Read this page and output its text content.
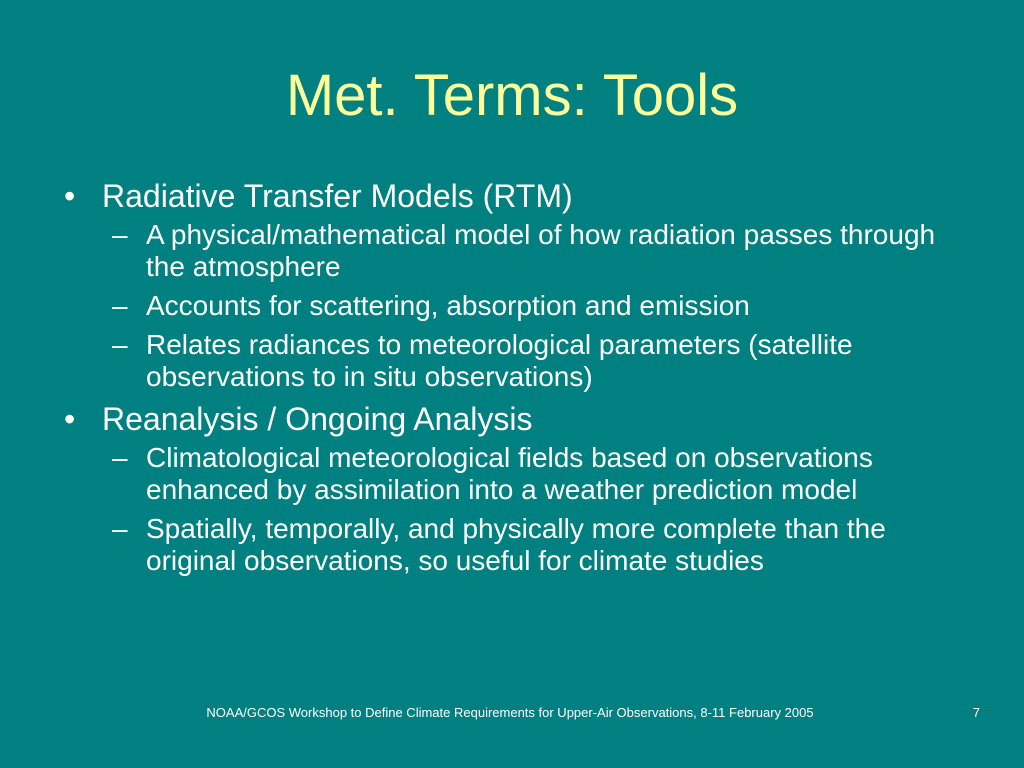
Met. Terms: Tools
• Radiative Transfer Models (RTM)
– A physical/mathematical model of how radiation passes through the atmosphere
– Accounts for scattering, absorption and emission
– Relates radiances to meteorological parameters (satellite observations to in situ observations)
• Reanalysis / Ongoing Analysis
– Climatological meteorological fields based on observations enhanced by assimilation into a weather prediction model
– Spatially, temporally, and physically more complete than the original observations, so useful for climate studies
NOAA/GCOS Workshop to Define Climate Requirements for Upper-Air Observations, 8-11 February 2005	7
